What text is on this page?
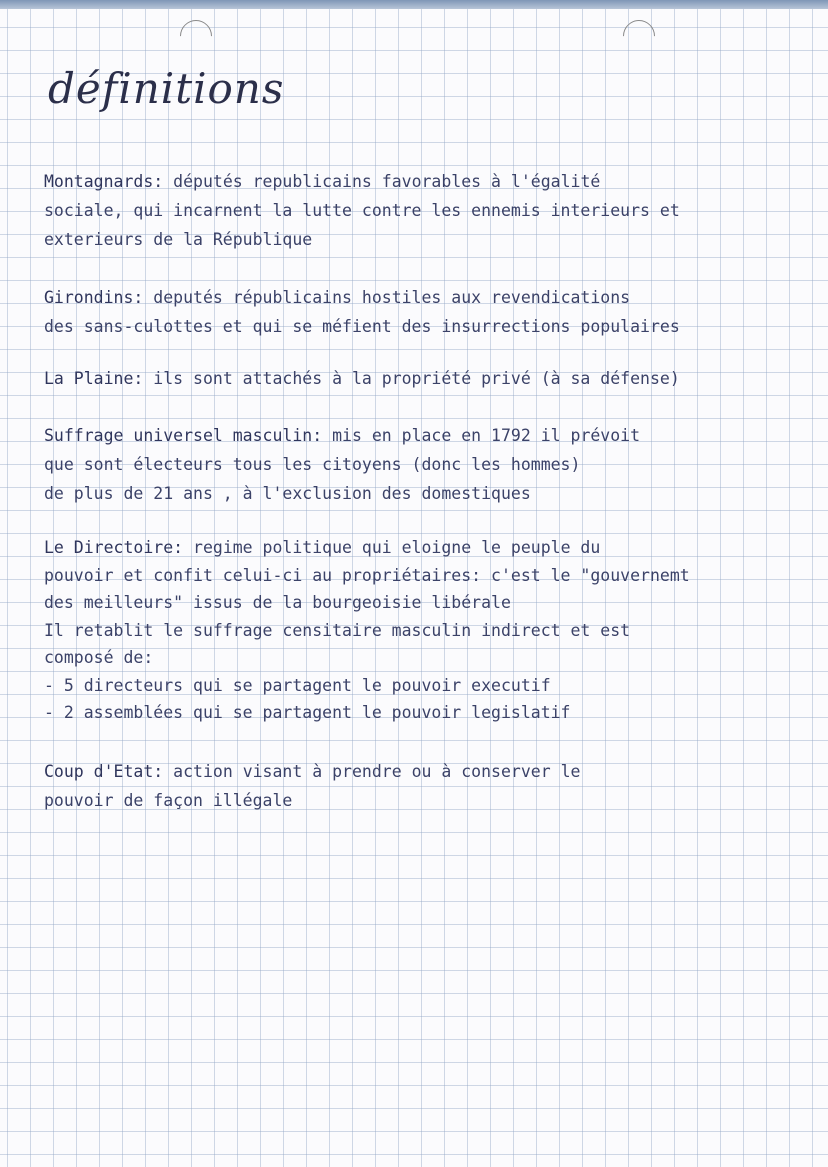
définitions
Montagnards: députés republicains favorables à l'égalité
sociale, qui incarnent la lutte contre les ennemis interieurs et
exterieurs de la République
Girondins: deputés républicains hostiles aux revendications
des sans-culottes et qui se méfient des insurrections populaires
La Plaine: ils sont attachés à la propriété privé (à sa défense)
Suffrage universel masculin: mis en place en 1792 il prévoit
que sont électeurs tous les citoyens (donc les hommes)
de plus de 21 ans , à l'exclusion des domestiques
Le Directoire: regime politique qui eloigne le peuple du
pouvoir et confit celui-ci au propriétaires: c'est le "gouvernemt
des meilleurs" issus de la bourgeoisie libérale
Il retablit le suffrage censitaire masculin indirect et est
composé de:
- 5 directeurs qui se partagent le pouvoir executif
- 2 assemblées qui se partagent le pouvoir legislatif
Coup d'Etat: action visant à prendre ou à conserver le
pouvoir de façon illégale
